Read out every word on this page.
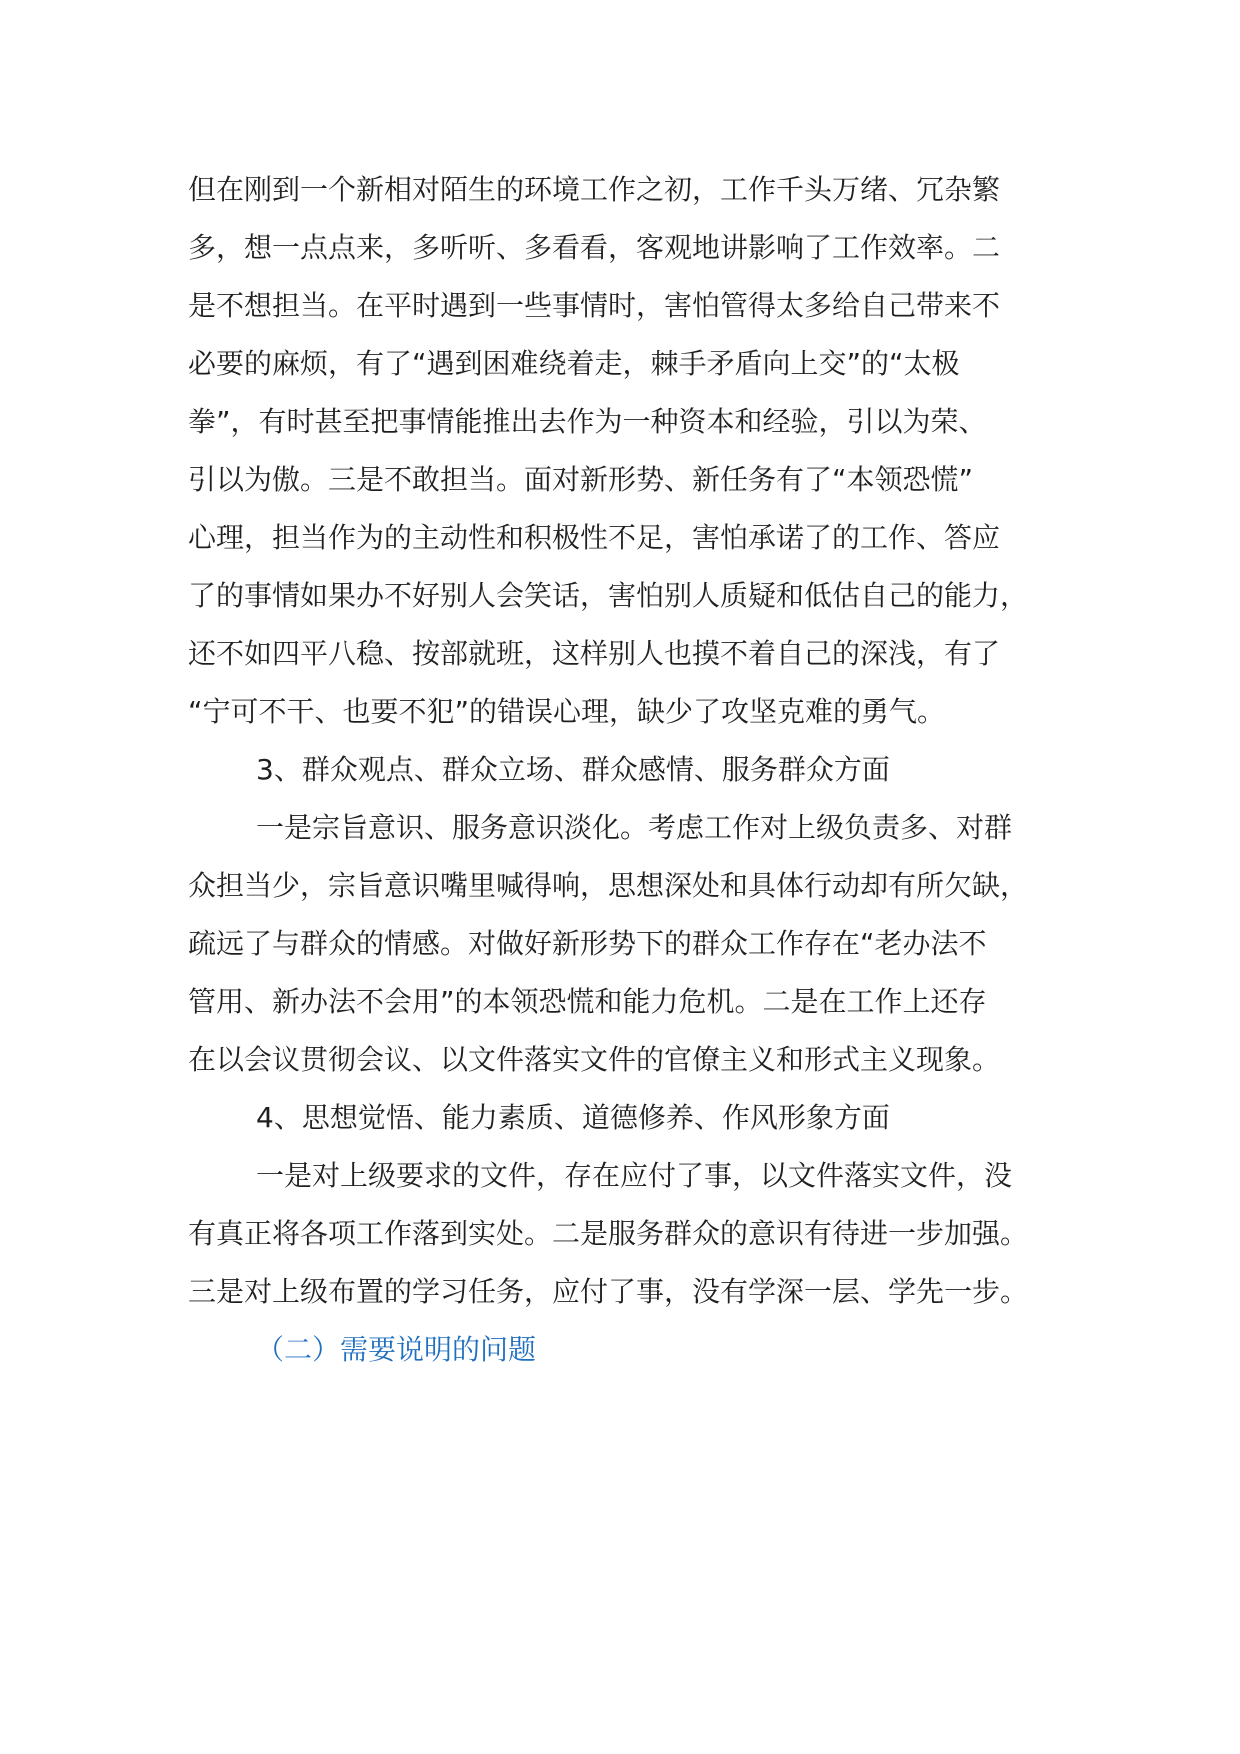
但在刚到一个新相对陌生的环境工作之初，工作千头万绪、冗杂繁
多，想一点点来，多听听、多看看，客观地讲影响了工作效率。二
是不想担当。在平时遇到一些事情时，害怕管得太多给自己带来不
必要的麻烦，有了“遇到困难绕着走，棘手矛盾向上交”的“太极
拳”，有时甚至把事情能推出去作为一种资本和经验，引以为荣、
引以为傲。三是不敢担当。面对新形势、新任务有了“本领恐慌”
心理，担当作为的主动性和积极性不足，害怕承诺了的工作、答应
了的事情如果办不好别人会笑话，害怕别人质疑和低估自己的能力，
还不如四平八稳、按部就班，这样别人也摸不着自己的深浅，有了
“宁可不干、也要不犯”的错误心理，缺少了攻坚克难的勇气。
3、群众观点、群众立场、群众感情、服务群众方面
一是宗旨意识、服务意识淡化。考虑工作对上级负责多、对群
众担当少，宗旨意识嘴里喊得响，思想深处和具体行动却有所欠缺，
疏远了与群众的情感。对做好新形势下的群众工作存在“老办法不
管用、新办法不会用”的本领恐慌和能力危机。二是在工作上还存
在以会议贯彻会议、以文件落实文件的官僚主义和形式主义现象。
4、思想觉悟、能力素质、道德修养、作风形象方面
一是对上级要求的文件，存在应付了事，以文件落实文件，没
有真正将各项工作落到实处。二是服务群众的意识有待进一步加强。
三是对上级布置的学习任务，应付了事，没有学深一层、学先一步。
（二）需要说明的问题
